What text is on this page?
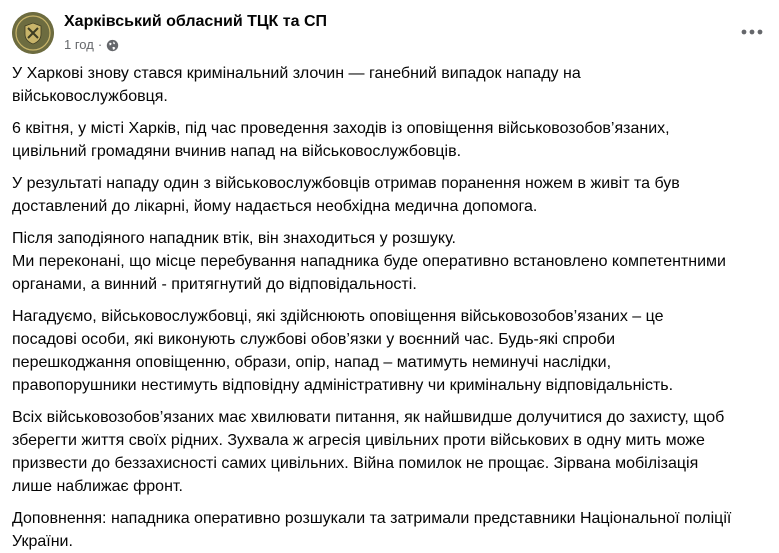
Харківський обласний ТЦК та СП
1 год ·

У Харкові знову стався кримінальний злочин — ганебний випадок нападу на
військовослужбовця.

6 квітня, у місті Харків, під час проведення заходів із оповіщення військовозобов’язаних,
цивільний громадяни вчинив напад на військовослужбовців.

У результаті нападу один з військовослужбовців отримав поранення ножем в живіт та був
доставлений до лікарні, йому надається необхідна медична допомога.

Після заподіяного нападник втік, він знаходиться у розшуку.
Ми переконані, що місце перебування нападника буде оперативно встановлено компетентними
органами, а винний - притягнутий до відповідальності.

Нагадуємо, військовослужбовці, які здійснюють оповіщення військовозобов’язаних – це
посадові особи, які виконують службові обов’язки у воєнний час. Будь-які спроби
перешкоджання оповіщенню, образи, опір, напад – матимуть неминучі наслідки,
правопорушники нестимуть відповідну адміністративну чи кримінальну відповідальність.

Всіх військовозобов’язаних має хвилювати питання, як найшвидше долучитися до захисту, щоб
зберегти життя своїх рідних. Зухвала ж агресія цивільних проти військових в одну мить може
призвести до беззахисності самих цивільних. Війна помилок не прощає. Зірвана мобілізація
лише наближає фронт.

Доповнення: нападника оперативно розшукали та затримали представники Національної поліції
України.
